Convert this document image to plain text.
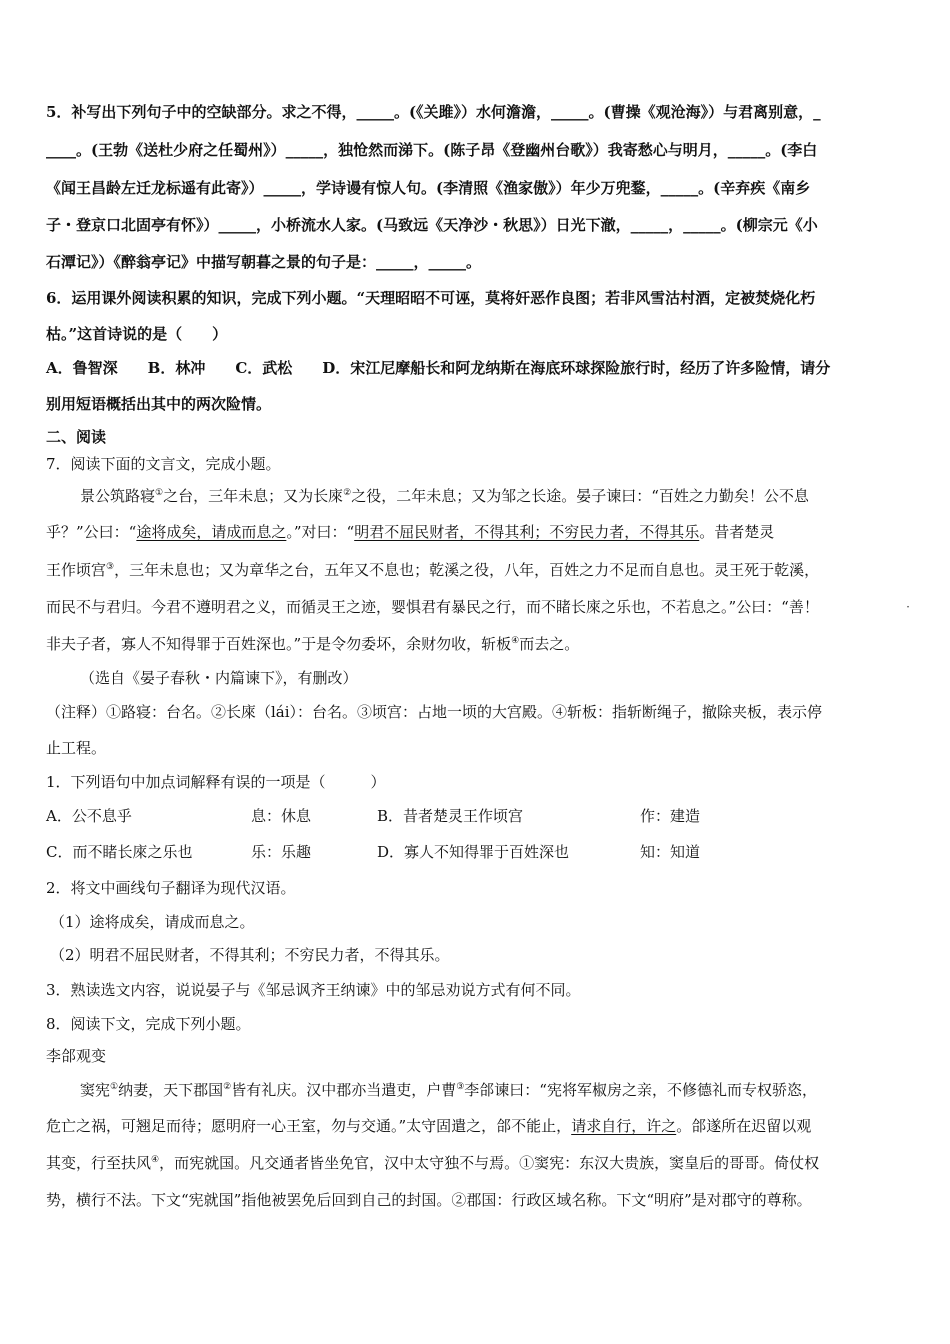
5．补写出下列句子中的空缺部分。求之不得，_____。(《关雎》）水何澹澹，_____。(曹操《观沧海》）与君离别意，_
____。(王勃《送杜少府之任蜀州》）_____，独怆然而涕下。(陈子昂《登幽州台歌》）我寄愁心与明月，_____。(李白
《闻王昌龄左迁龙标遥有此寄》）_____，学诗谩有惊人句。(李清照《渔家傲》）年少万兜鍪，_____。(辛弃疾《南乡
子・登京口北固亭有怀》）_____，小桥流水人家。(马致远《天净沙・秋思》）日光下澈，_____，_____。(柳宗元《小
石潭记》）《醉翁亭记》中描写朝暮之景的句子是：_____，_____。
6．运用课外阅读积累的知识，完成下列小题。“天理昭昭不可诬，莫将奸恶作良图；若非风雪沽村酒，定被焚烧化朽
枯。”这首诗说的是（　　）
A．鲁智深　　B．林冲　　C．武松　　D．宋江尼摩船长和阿龙纳斯在海底环球探险旅行时，经历了许多险情，请分
别用短语概括出其中的两次险情。
二、阅读
7．阅读下面的文言文，完成小题。
景公筑路寝①之台，三年未息；又为长庲②之役，二年未息；又为邹之长途。晏子谏曰：“百姓之力勤矣！公不息
乎？”公曰：“途将成矣，请成而息之。”对曰：“明君不屈民财者，不得其利；不穷民力者，不得其乐。昔者楚灵
王作顷宫③，三年未息也；又为章华之台，五年又不息也；乾溪之役，八年，百姓之力不足而自息也。灵王死于乾溪，
而民不与君归。今君不遵明君之义，而循灵王之迹，婴惧君有暴民之行，而不睹长庲之乐也，不若息之。”公曰：“善！
非夫子者，寡人不知得罪于百姓深也。”于是令勿委坏，余财勿收，斩板④而去之。
（选自《晏子春秋・内篇谏下》，有删改）
（注释）①路寝：台名。②长庲（lái）：台名。③顷宫：占地一顷的大宫殿。④斩板：指斩断绳子，撤除夹板，表示停
止工程。
1．下列语句中加点词解释有误的一项是（　　　）
A．公不息乎	息：休息	B．昔者楚灵王作顷宫	作：建造
C．而不睹长庲之乐也	乐：乐趣	D．寡人不知得罪于百姓深也	知：知道
2．将文中画线句子翻译为现代汉语。
（1）途将成矣，请成而息之。
（2）明君不屈民财者，不得其利；不穷民力者，不得其乐。
3．熟读选文内容，说说晏子与《邹忌讽齐王纳谏》中的邹忌劝说方式有何不同。
8．阅读下文，完成下列小题。
李郃观变
窦宪①纳妻，天下郡国②皆有礼庆。汉中郡亦当遣吏，户曹③李郃谏曰：“宪将军椒房之亲，不修德礼而专权骄恣，
危亡之祸，可翘足而待；愿明府一心王室，勿与交通。”太守固遣之，郃不能止，请求自行，许之。郃遂所在迟留以观
其变，行至扶风④，而宪就国。凡交通者皆坐免官，汉中太守独不与焉。①窦宪：东汉大贵族，窦皇后的哥哥。倚仗权
势，横行不法。下文“宪就国”指他被罢免后回到自己的封国。②郡国：行政区域名称。下文“明府”是对郡守的尊称。
·
